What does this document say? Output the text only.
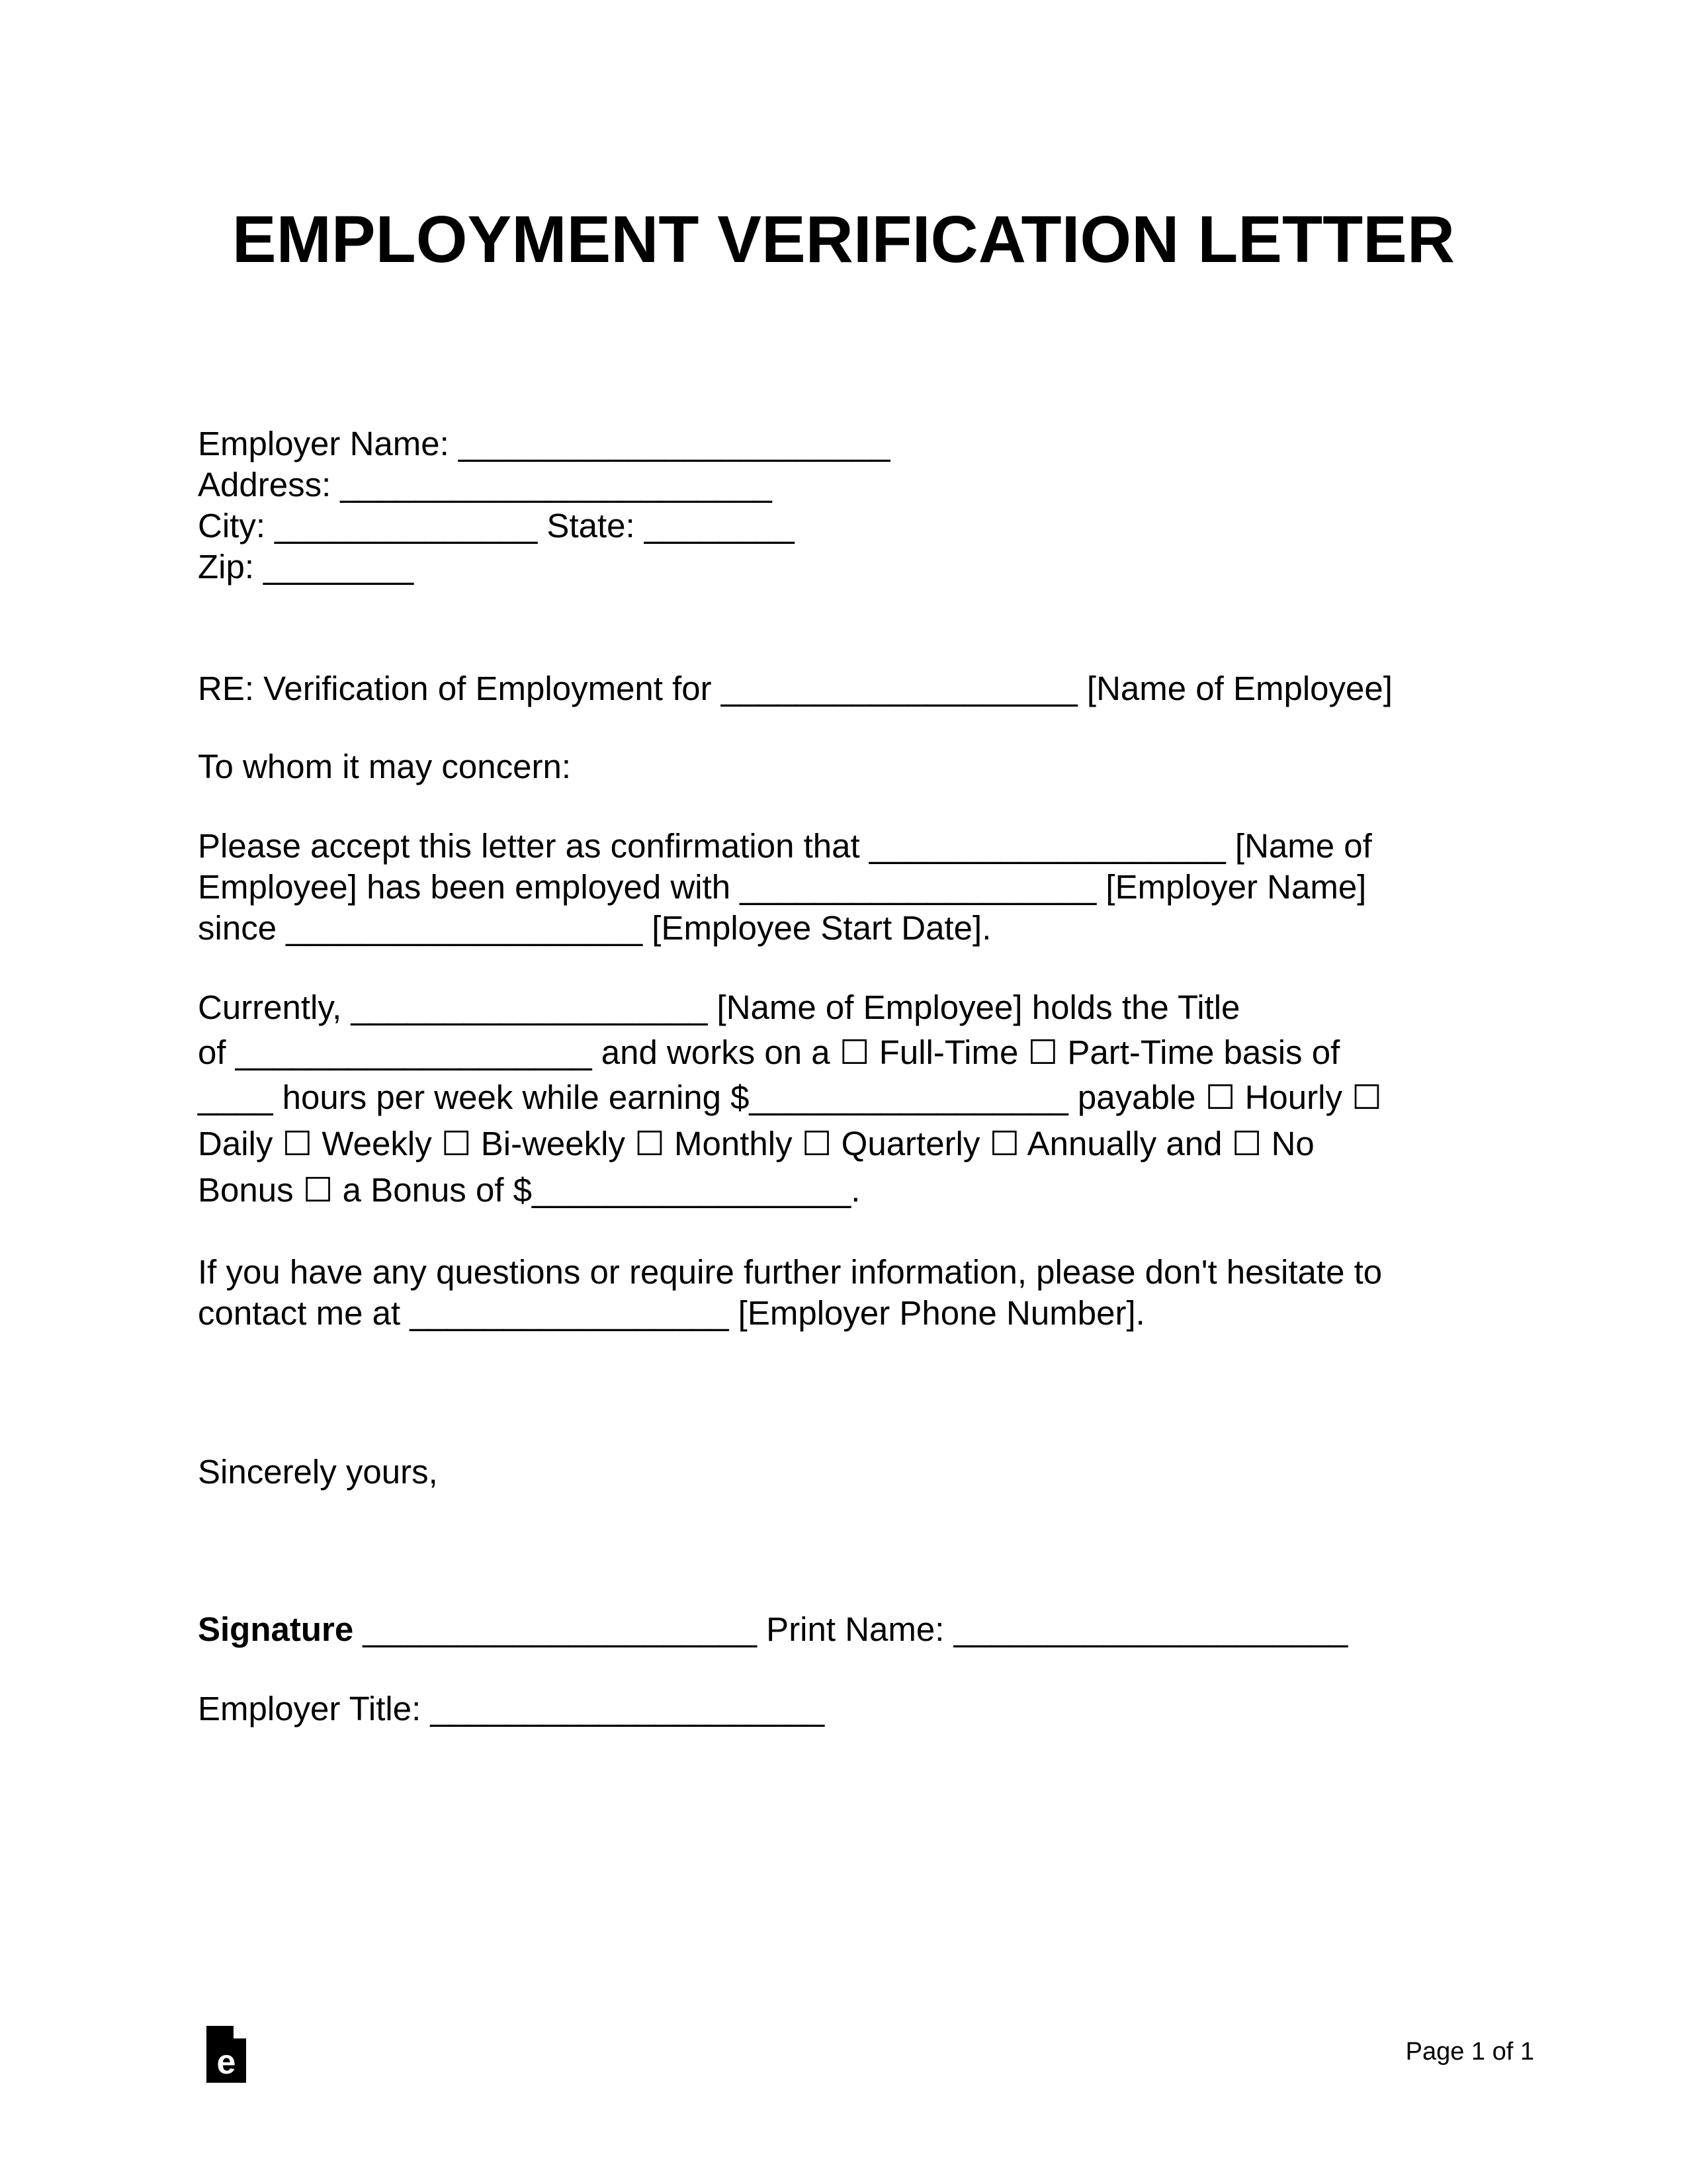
EMPLOYMENT VERIFICATION LETTER
Employer Name: _______________________
Address: _______________________
City: ______________ State: ________
Zip: ________
RE: Verification of Employment for ___________________ [Name of Employee]
To whom it may concern:
Please accept this letter as confirmation that ___________________ [Name of
Employee] has been employed with ___________________ [Employer Name]
since ___________________ [Employee Start Date].
Currently, ___________________ [Name of Employee] holds the Title
of ___________________ and works on a ☐ Full-Time ☐ Part-Time basis of
____ hours per week while earning $_________________ payable ☐ Hourly ☐
Daily ☐ Weekly ☐ Bi-weekly ☐ Monthly ☐ Quarterly ☐ Annually and ☐ No
Bonus ☐ a Bonus of $_________________.
If you have any questions or require further information, please don't hesitate to
contact me at _________________ [Employer Phone Number].
Sincerely yours,
Signature _____________________ Print Name: _____________________
Employer Title: _____________________
e	Page 1 of 1
